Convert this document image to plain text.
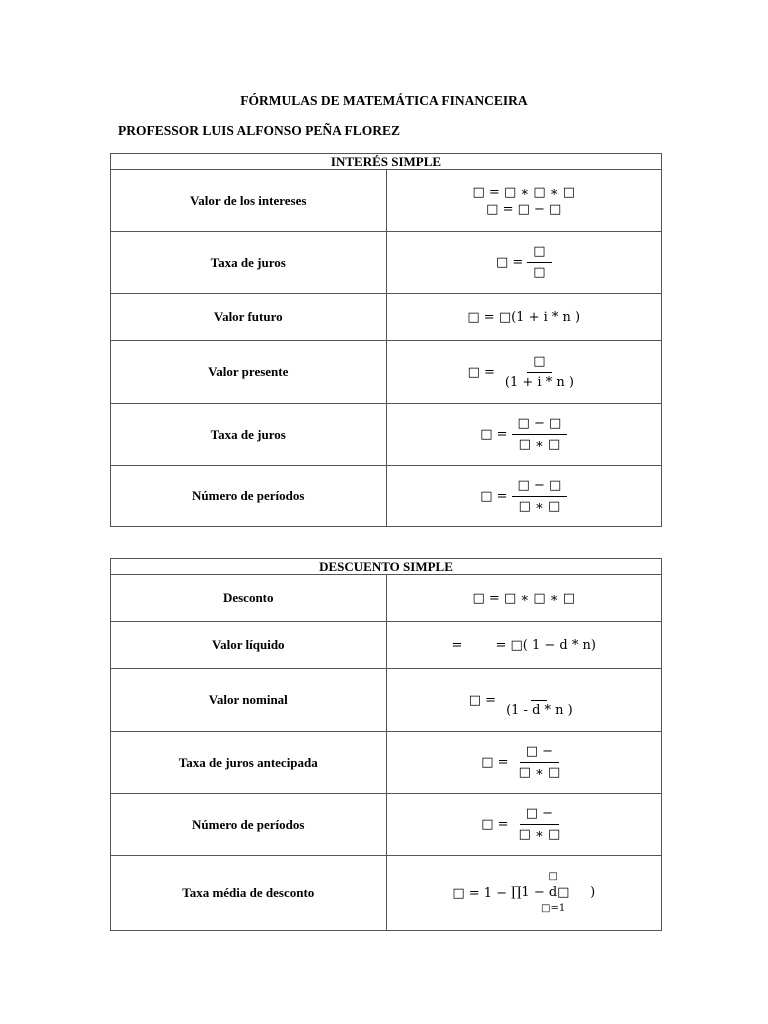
FÓRMULAS DE MATEMÁTICA FINANCEIRA
PROFESSOR LUIS ALFONSO PEÑA FLOREZ
INTERÉS SIMPLE	
Valor de los intereses	□ = □ ∗ □ ∗ □
□ = □ − □

Taxa de juros	□ = $\frac{□}{□}$

Valor futuro	□ = □(1 + i * n )

Valor presente	□ = $\frac{□}{(1 + i * n )}$

Taxa de juros	□ = $\frac{□ - □}{□ ∗ □}$

Número de períodos	□ = $\frac{□ - □}{□ ∗ □}$
DESCUENTO SIMPLE	
Desconto	□ = □ ∗ □ ∗ □

Valor líquido	=        = □( 1 − d * n)

Valor nominal	□ =

(1 - d * n )

Taxa de juros antecipada	□ = $\frac{□ -}{□ ∗ □}$

Número de períodos	□ = $\frac{□ -}{□ ∗ □}$

Taxa média de desconto	□ = 1 −
□
∏1 − d□     )
□=1
